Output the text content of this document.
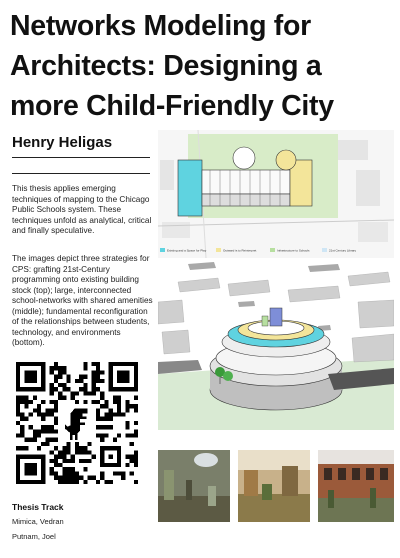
Networks Modeling for Architects: Designing a more Child-Friendly City
Henry Heligas

This thesis applies emerging techniques of mapping to the Chicago Public Schools system. These techniques unfold as analytical, critical and finally speculative.

The images depict three strategies for CPS: grafting 21st-Century programming onto existing building stock (top); large, interconnected school-networks with shared amenities (middle); fundamental reconfiguration of the relationships between students, technology, and environments (bottom).

Thesis Track
Mimica, Vedran
Putnam, Joel
Existing and a Space for Play	Outward is to Reinterpret	Infrastructure to Schools	21st Century Library
